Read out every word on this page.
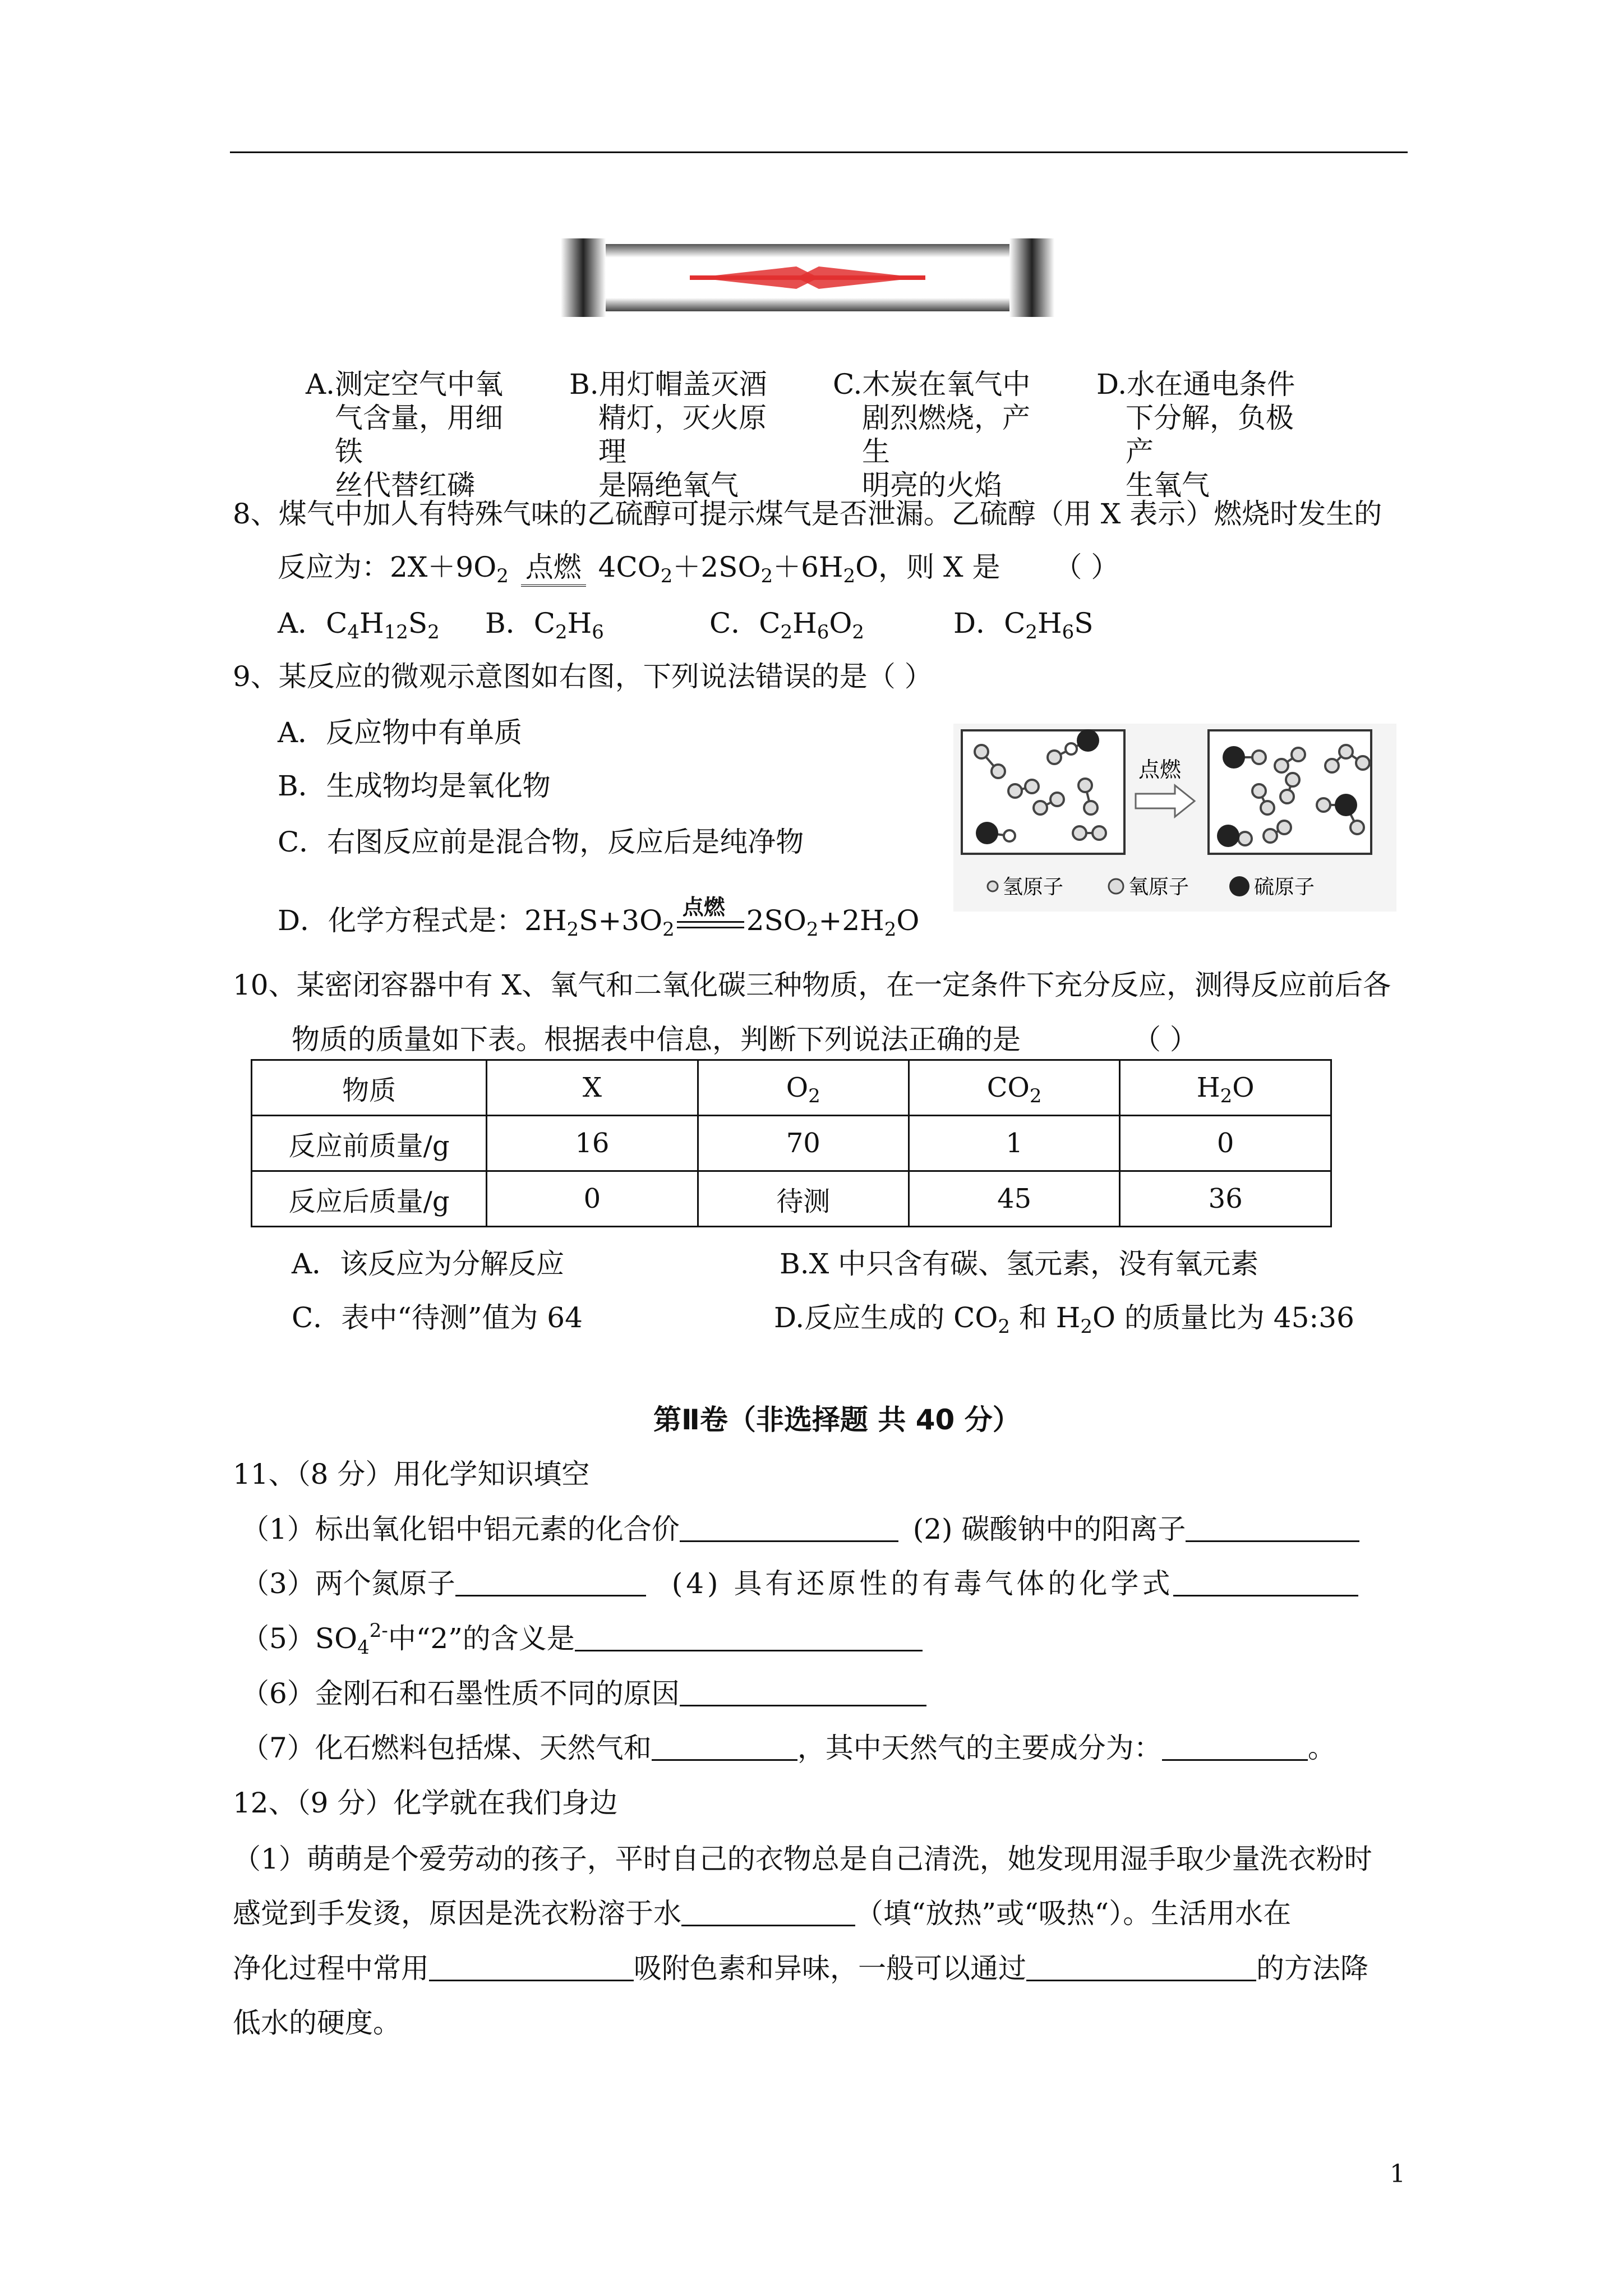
A.测定空气中氧
气含量，用细铁
丝代替红磷
B.用灯帽盖灭酒
精灯，灭火原理
是隔绝氧气
C.木炭在氧气中
剧烈燃烧，产生
明亮的火焰
D.水在通电条件
下分解，负极产
生氧气
8、煤气中加人有特殊气味的乙硫醇可提示煤气是否泄漏。乙硫醇（用 X 表示）燃烧时发生的
反应为：$2X+9O_2$ 点燃 $4CO_2+2SO_2+6H_2O$，则 X 是 （ ）
A．$C_4H_{12}S_2$ B．$C_2H_6$	C．$C_2H_6O_2$	D．$C_2H_6S$
9、某反应的微观示意图如右图，下列说法错误的是（ ）
A．反应物中有单质
B．生成物均是氧化物
C．右图反应前是混合物，反应后是纯净物
D．化学方程式是：$2H_2S+3O_2$
点燃 $2SO_2+2H_2O$
点燃
氢原子	氧原子	硫原子
10、某密闭容器中有 X、氧气和二氧化碳三种物质，在一定条件下充分反应，测得反应前后各
物质的质量如下表。根据表中信息，判断下列说法正确的是	（ ）
物质	X	$O_2$	$CO_2$	$H_2O$
反应前质量/g	16	70	1	0
反应后质量/g	0	待测	45	36
A．该反应为分解反应	B.X 中只含有碳、氢元素，没有氧元素
C．表中“待测”值为 64	D.反应生成的 $CO_2$ 和 $H_2O$ 的质量比为 45:36
第Ⅱ卷（非选择题 共 40 分）
11、（8 分）用化学知识填空
（1）标出氧化铝中铝元素的化合价	(2) 碳酸钠中的阳离子
（3）两个氮原子	(4) 具有还原性的有毒气体的化学式
$(5)SO_4^{2-}$中“2”的含义是
（6）金刚石和石墨性质不同的原因
（7）化石燃料包括煤、天然气和	，其中天然气的主要成分为：	。
12、（9 分）化学就在我们身边
（1）萌萌是个爱劳动的孩子，平时自己的衣物总是自己清洗，她发现用湿手取少量洗衣粉时
感觉到手发烫，原因是洗衣粉溶于水	（填“放热”或“吸热“）。生活用水在
净化过程中常用	吸附色素和异味，一般可以通过	的方法降
低水的硬度。
1
